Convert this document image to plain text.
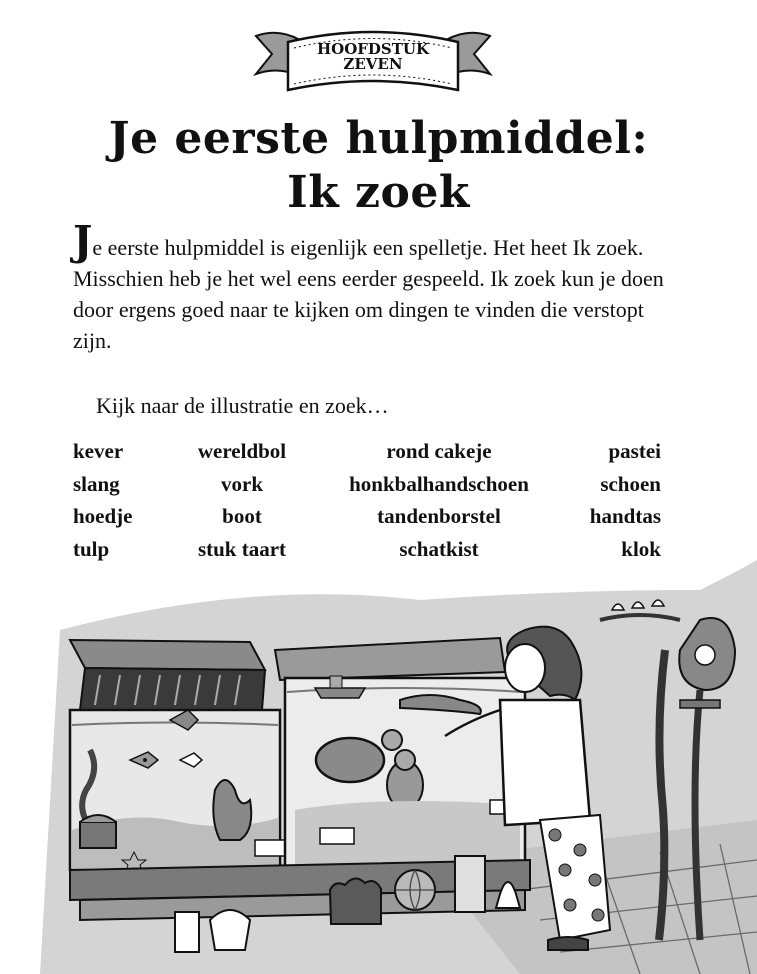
HOOFDSTUK
ZEVEN
Je eerste hulpmiddel:
Ik zoek

Je eerste hulpmiddel is eigenlijk een spelletje. Het heet Ik zoek. Misschien heb je het wel eens eerder gespeeld. Ik zoek kun je doen door ergens goed naar te kijken om dingen te vinden die verstopt zijn.

Kijk naar de illustratie en zoek…

kever	wereldbol	rond cakeje	pastei
slang	vork	honkbalhandschoen	schoen
hoedje	boot	tandenborstel	handtas
tulp	stuk taart	schatkist	klok
